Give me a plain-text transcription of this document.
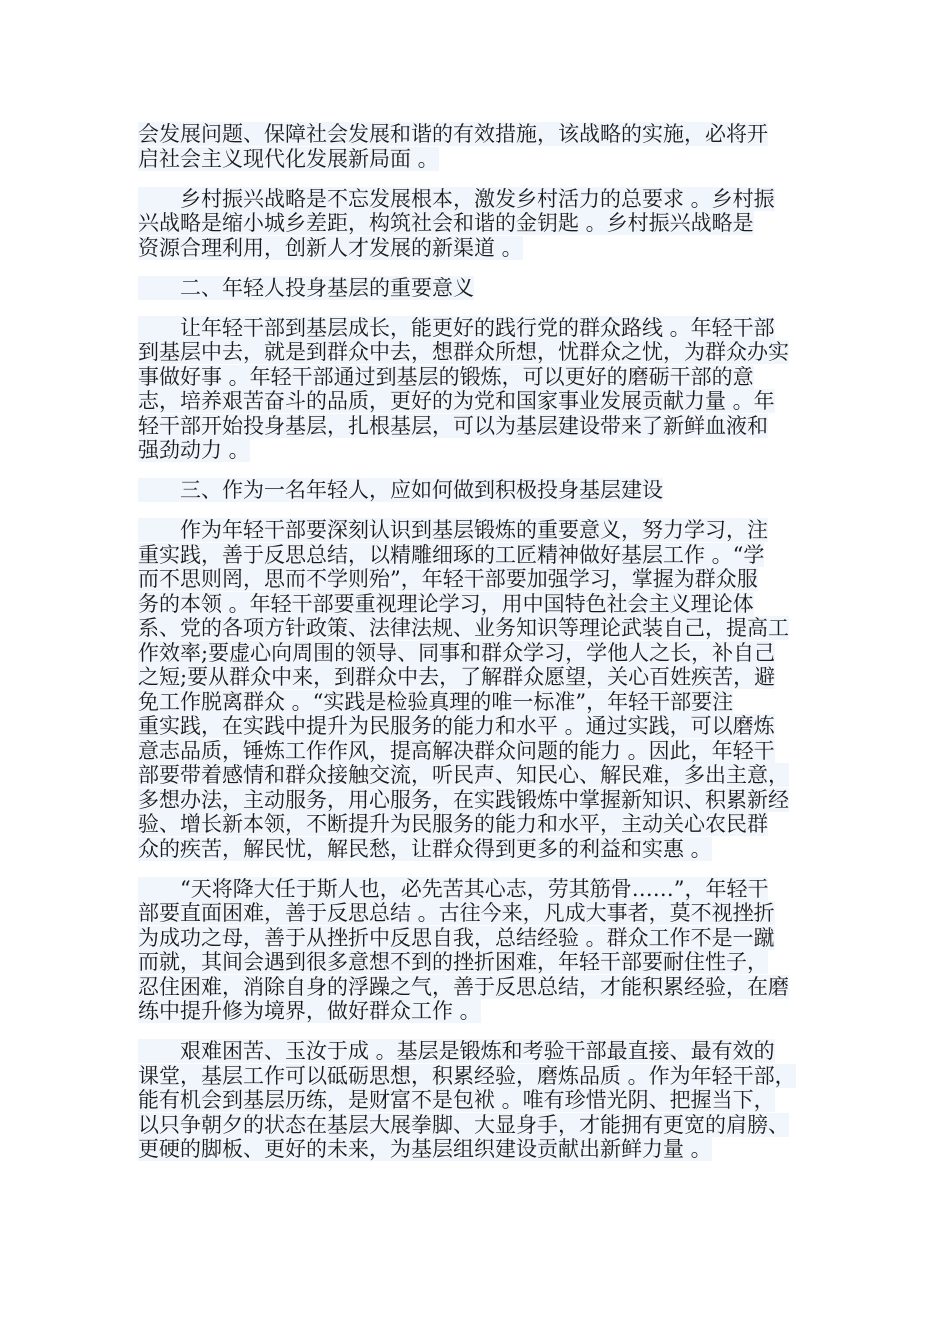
会发展问题、保障社会发展和谐的有效措施，该战略的实施，必将开
启社会主义现代化发展新局面 。
　　乡村振兴战略是不忘发展根本，激发乡村活力的总要求 。乡村振
兴战略是缩小城乡差距，构筑社会和谐的金钥匙 。乡村振兴战略是
资源合理利用，创新人才发展的新渠道 。
　　二、年轻人投身基层的重要意义
　　让年轻干部到基层成长，能更好的践行党的群众路线 。年轻干部
到基层中去，就是到群众中去，想群众所想，忧群众之忧，为群众办实
事做好事 。年轻干部通过到基层的锻炼，可以更好的磨砺干部的意
志，培养艰苦奋斗的品质，更好的为党和国家事业发展贡献力量 。年
轻干部开始投身基层，扎根基层，可以为基层建设带来了新鲜血液和
强劲动力 。
　　三、作为一名年轻人，应如何做到积极投身基层建设
　　作为年轻干部要深刻认识到基层锻炼的重要意义，努力学习，注
重实践，善于反思总结，以精雕细琢的工匠精神做好基层工作 。“学
而不思则罔，思而不学则殆”，年轻干部要加强学习，掌握为群众服
务的本领 。年轻干部要重视理论学习，用中国特色社会主义理论体
系、党的各项方针政策、法律法规、业务知识等理论武装自己，提高工
作效率;要虚心向周围的领导、同事和群众学习，学他人之长，补自己
之短;要从群众中来，到群众中去，了解群众愿望，关心百姓疾苦，避
免工作脱离群众 。“实践是检验真理的唯一标准”，年轻干部要注
重实践，在实践中提升为民服务的能力和水平 。通过实践，可以磨炼
意志品质，锤炼工作作风，提高解决群众问题的能力 。因此，年轻干
部要带着感情和群众接触交流，听民声、知民心、解民难，多出主意，
多想办法，主动服务，用心服务，在实践锻炼中掌握新知识、积累新经
验、增长新本领，不断提升为民服务的能力和水平，主动关心农民群
众的疾苦，解民忧，解民愁，让群众得到更多的利益和实惠 。
　　“天将降大任于斯人也，必先苦其心志，劳其筋骨……”，年轻干
部要直面困难，善于反思总结 。古往今来，凡成大事者，莫不视挫折
为成功之母，善于从挫折中反思自我，总结经验 。群众工作不是一蹴
而就，其间会遇到很多意想不到的挫折困难，年轻干部要耐住性子，
忍住困难，消除自身的浮躁之气，善于反思总结，才能积累经验，在磨
练中提升修为境界，做好群众工作 。
　　艰难困苦、玉汝于成 。基层是锻炼和考验干部最直接、最有效的
课堂，基层工作可以砥砺思想，积累经验，磨炼品质 。作为年轻干部，
能有机会到基层历练，是财富不是包袱 。唯有珍惜光阴、把握当下，
以只争朝夕的状态在基层大展拳脚、大显身手，才能拥有更宽的肩膀、
更硬的脚板、更好的未来，为基层组织建设贡献出新鲜力量 。
